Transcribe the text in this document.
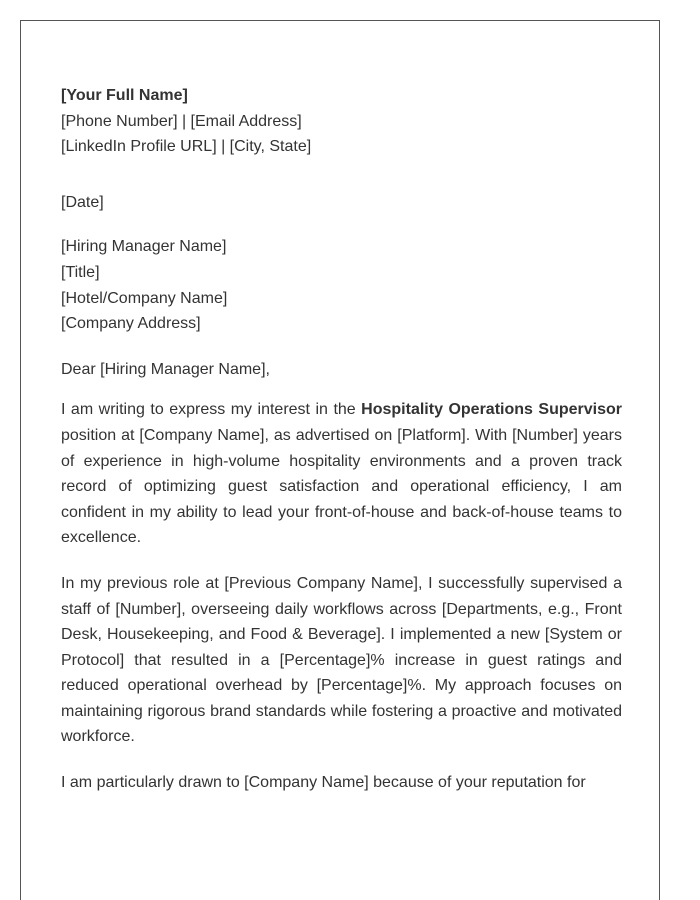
[Your Full Name]
[Phone Number] | [Email Address]
[LinkedIn Profile URL] | [City, State]
[Date]
[Hiring Manager Name]
[Title]
[Hotel/Company Name]
[Company Address]
Dear [Hiring Manager Name],

I am writing to express my interest in the Hospitality Operations Supervisor position at [Company Name], as advertised on [Platform]. With [Number] years of experience in high-volume hospitality environments and a proven track record of optimizing guest satisfaction and operational efficiency, I am confident in my ability to lead your front-of-house and back-of-house teams to excellence.

In my previous role at [Previous Company Name], I successfully supervised a staff of [Number], overseeing daily workflows across [Departments, e.g., Front Desk, Housekeeping, and Food & Beverage]. I implemented a new [System or Protocol] that resulted in a [Percentage]% increase in guest ratings and reduced operational overhead by [Percentage]%. My approach focuses on maintaining rigorous brand standards while fostering a proactive and motivated workforce.

I am particularly drawn to [Company Name] because of your reputation for
